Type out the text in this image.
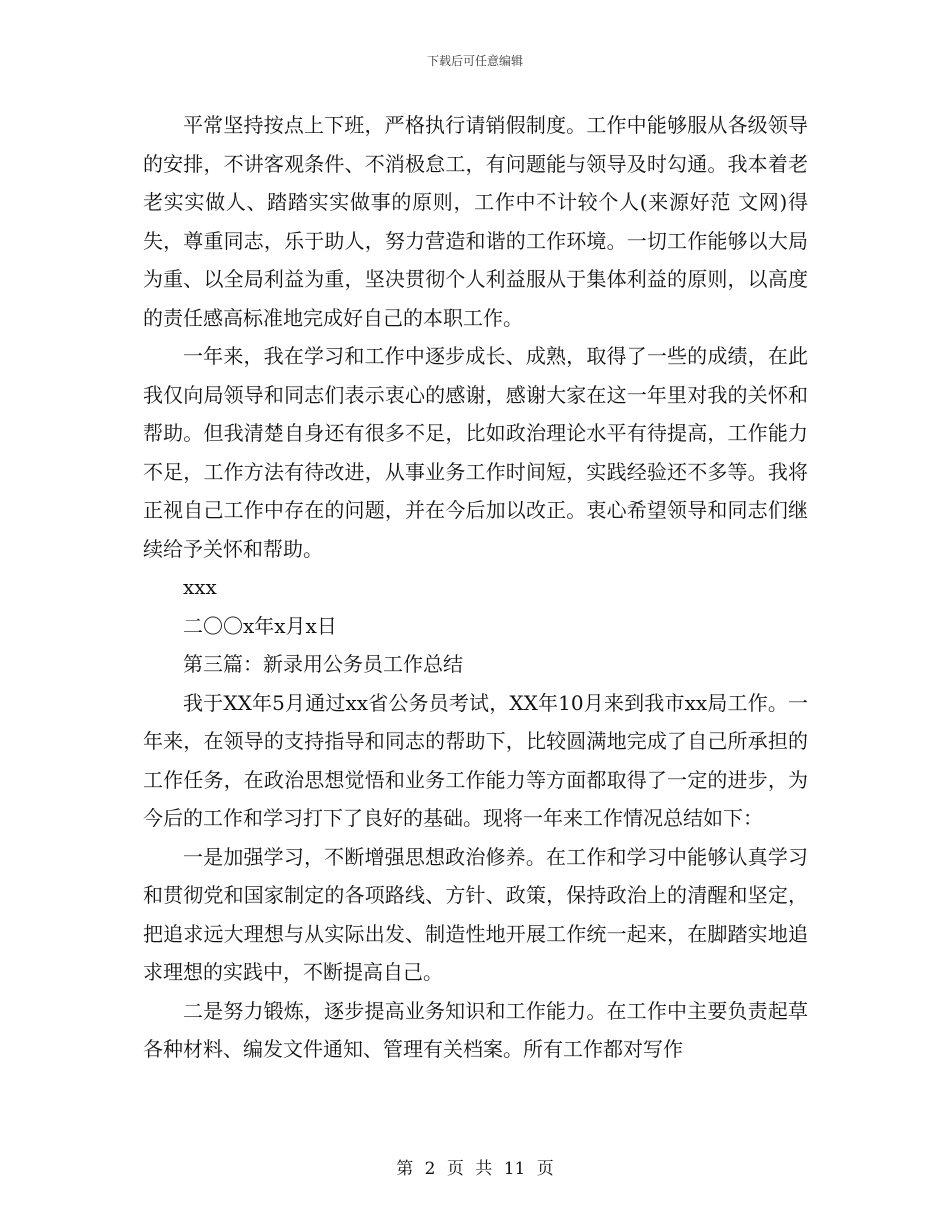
下载后可任意编辑

平常坚持按点上下班，严格执行请销假制度。工作中能够服从各级领导的安排，不讲客观条件、不消极怠工，有问题能与领导及时勾通。我本着老老实实做人、踏踏实实做事的原则，工作中不计较个人(来源好范 文网)得失，尊重同志，乐于助人，努力营造和谐的工作环境。一切工作能够以大局为重、以全局利益为重，坚决贯彻个人利益服从于集体利益的原则，以高度的责任感高标准地完成好自己的本职工作。

一年来，我在学习和工作中逐步成长、成熟，取得了一些的成绩，在此我仅向局领导和同志们表示衷心的感谢，感谢大家在这一年里对我的关怀和帮助。但我清楚自身还有很多不足，比如政治理论水平有待提高，工作能力不足，工作方法有待改进，从事业务工作时间短，实践经验还不多等。我将正视自己工作中存在的问题，并在今后加以改正。衷心希望领导和同志们继续给予关怀和帮助。

xxx

二〇〇x年x月x日

第三篇：新录用公务员工作总结

我于XX年5月通过xx省公务员考试，XX年10月来到我市xx局工作。一年来，在领导的支持指导和同志的帮助下，比较圆满地完成了自己所承担的工作任务，在政治思想觉悟和业务工作能力等方面都取得了一定的进步，为今后的工作和学习打下了良好的基础。现将一年来工作情况总结如下：

一是加强学习，不断增强思想政治修养。在工作和学习中能够认真学习和贯彻党和国家制定的各项路线、方针、政策，保持政治上的清醒和坚定，把追求远大理想与从实际出发、制造性地开展工作统一起来，在脚踏实地追求理想的实践中，不断提高自己。

二是努力锻炼，逐步提高业务知识和工作能力。在工作中主要负责起草各种材料、编发文件通知、管理有关档案。所有工作都对写作

第 2 页 共 11 页
